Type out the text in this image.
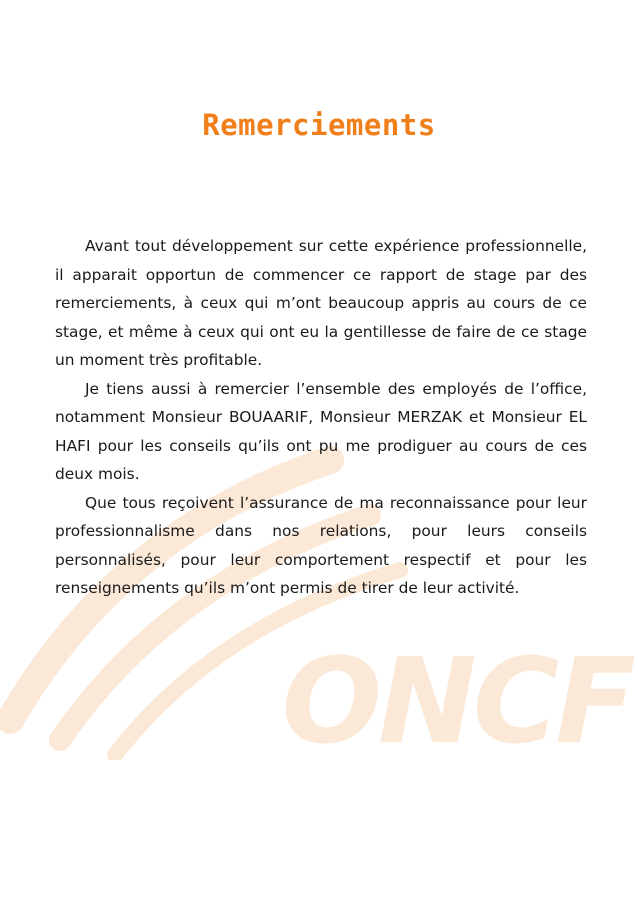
ONCF
Remerciements

Avant tout développement sur cette expérience professionnelle, il apparait opportun de commencer ce rapport de stage par des remerciements, à ceux qui m’ont beaucoup appris au cours de ce stage, et même à ceux qui ont eu la gentillesse de faire de ce stage un moment très profitable.

Je tiens aussi à remercier l’ensemble des employés de l’office, notamment Monsieur BOUAARIF, Monsieur MERZAK et Monsieur EL HAFI pour les conseils qu’ils ont pu me prodiguer au cours de ces deux mois.

Que tous reçoivent l’assurance de ma reconnaissance pour leur professionnalisme dans nos relations, pour leurs conseils personnalisés, pour leur comportement respectif et pour les renseignements qu’ils m’ont permis de tirer de leur activité.
